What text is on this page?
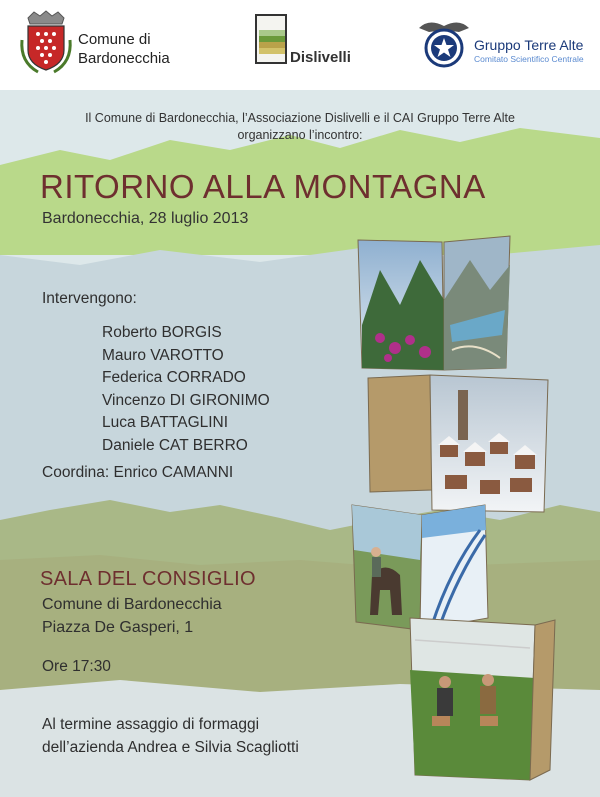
Comune di
Bardonecchia	Dislivelli
Gruppo Terre Alte
Comitato Scientifico Centrale
Il Comune di Bardonecchia, l’Associazione Dislivelli e il CAI Gruppo Terre Alte
organizzano l’incontro:
RITORNO ALLA MONTAGNA
Bardonecchia, 28 luglio 2013
Intervengono:
Roberto BORGIS
Mauro VAROTTO
Federica CORRADO
Vincenzo DI GIRONIMO
Luca BATTAGLINI
Daniele CAT BERRO
Coordina: Enrico CAMANNI
SALA DEL CONSIGLIO
Comune di Bardonecchia
Piazza De Gasperi, 1
Ore 17:30
Al termine assaggio di formaggi
dell’azienda Andrea e Silvia Scagliotti
